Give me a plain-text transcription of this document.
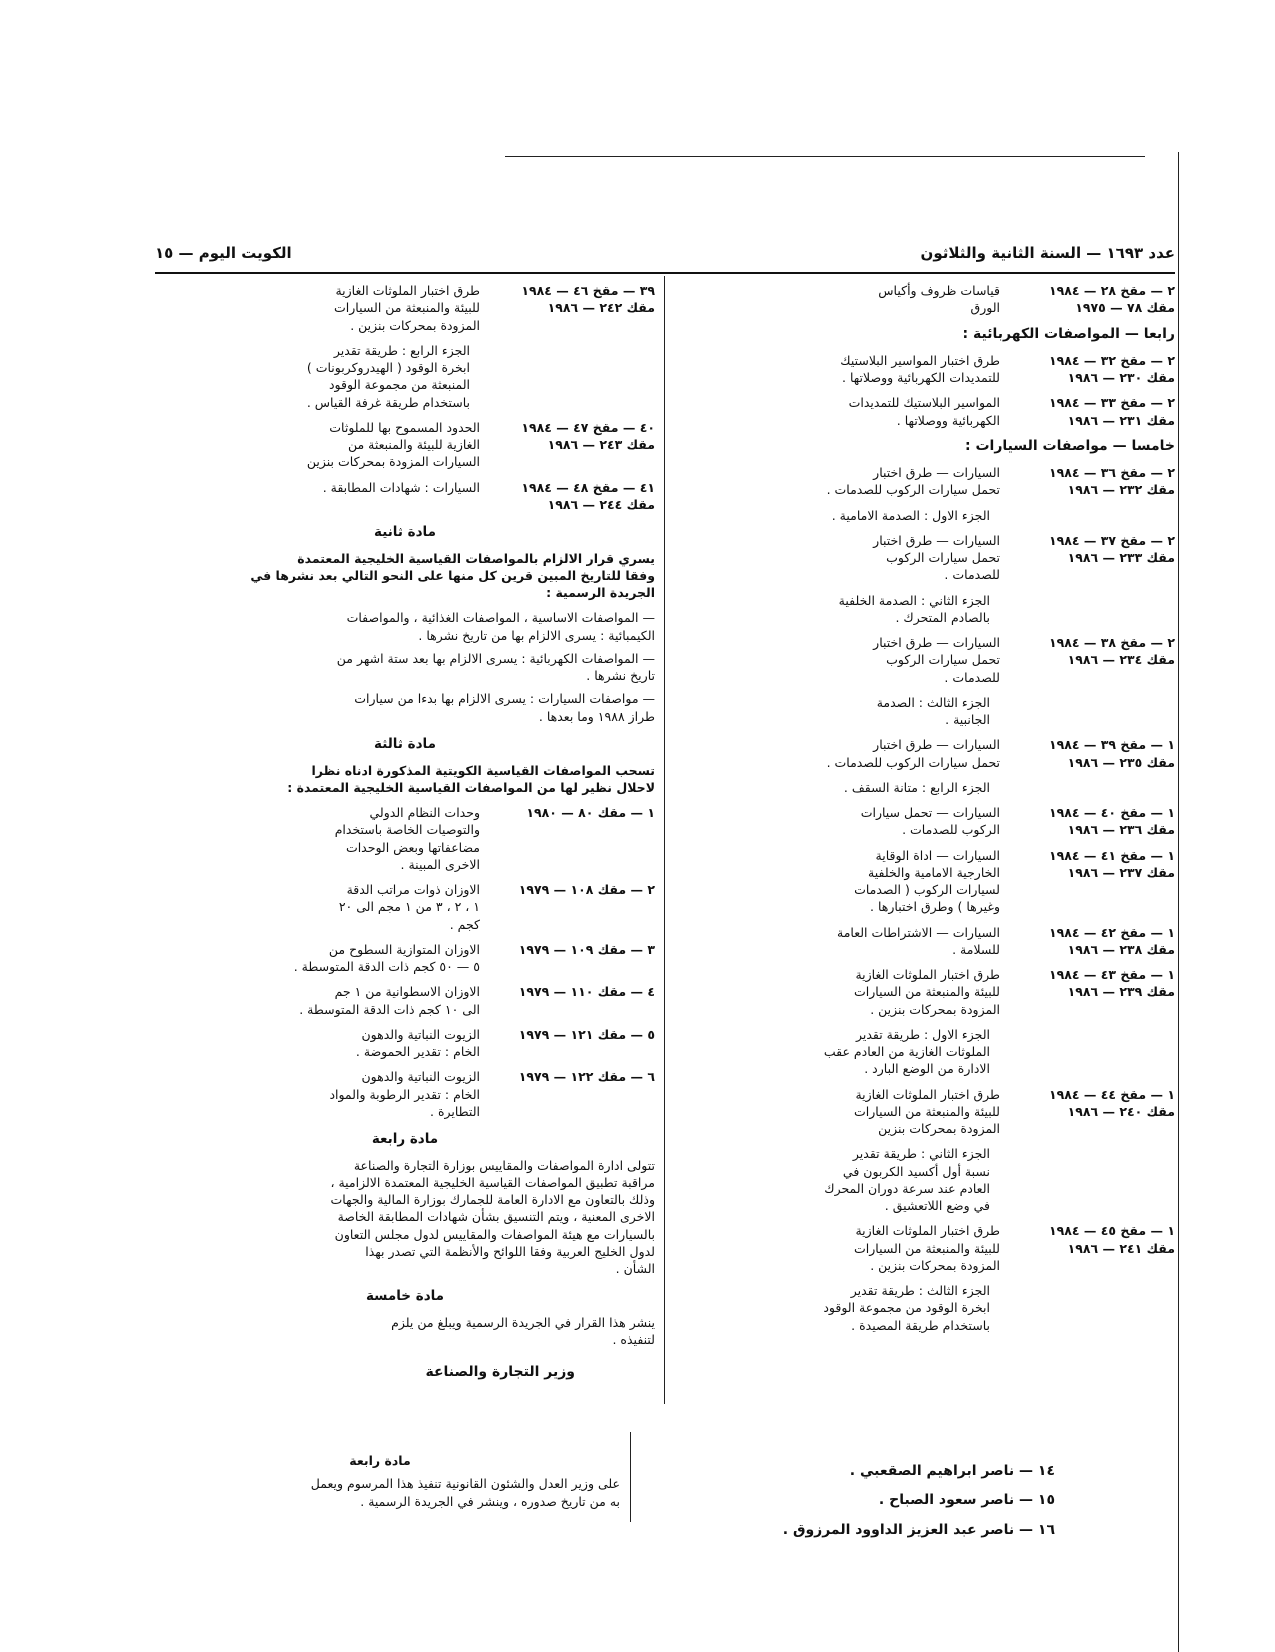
عدد ١٦٩٣ — السنة الثانية والثلاثون
الكويت اليوم — ١٥
٢ — مقخ ٢٨ — ١٩٨٤
مقك ٧٨ — ١٩٧٥
قياسات ظروف وأكياس
الورق
رابعا — المواصفات الكهربائية :
٢ — مقخ ٣٢ — ١٩٨٤
مقك ٢٣٠ — ١٩٨٦
طرق اختبار المواسير البلاستيك
للتمديدات الكهربائية ووصلاتها .
٢ — مقخ ٣٣ — ١٩٨٤
مقك ٢٣١ — ١٩٨٦
المواسير البلاستيك للتمديدات
الكهربائية ووصلاتها .
خامسا — مواصفات السيارات :
٢ — مقخ ٣٦ — ١٩٨٤
مقك ٢٣٢ — ١٩٨٦
السيارات — طرق اختبار
تحمل سيارات الركوب للصدمات .
الجزء الاول : الصدمة الامامية .
٢ — مقخ ٣٧ — ١٩٨٤
مقك ٢٣٣ — ١٩٨٦
السيارات — طرق اختبار
تحمل سيارات الركوب
للصدمات .
الجزء الثاني : الصدمة الخلفية
بالصادم المتحرك .
٢ — مقخ ٣٨ — ١٩٨٤
مقك ٢٣٤ — ١٩٨٦
السيارات — طرق اختبار
تحمل سيارات الركوب
للصدمات .
الجزء الثالث : الصدمة
الجانبية .
١ — مقخ ٣٩ — ١٩٨٤
مقك ٢٣٥ — ١٩٨٦
السيارات — طرق اختبار
تحمل سيارات الركوب للصدمات .
الجزء الرابع : متانة السقف .
١ — مقخ ٤٠ — ١٩٨٤
مقك ٢٣٦ — ١٩٨٦
السيارات — تحمل سيارات
الركوب للصدمات .
١ — مقخ ٤١ — ١٩٨٤
مقك ٢٣٧ — ١٩٨٦
السيارات — اداة الوقاية
الخارجية الامامية والخلفية
لسيارات الركوب ( الصدمات
وغيرها ) وطرق اختبارها .
١ — مقخ ٤٢ — ١٩٨٤
مقك ٢٣٨ — ١٩٨٦
السيارات — الاشتراطات العامة
للسلامة .
١ — مقخ ٤٣ — ١٩٨٤
مقك ٢٣٩ — ١٩٨٦
طرق اختبار الملوثات الغازية
للبيئة والمنبعثة من السيارات
المزودة بمحركات بنزين .
الجزء الاول : طريقة تقدير
الملوثات الغازية من العادم عقب
الادارة من الوضع البارد .
١ — مقخ ٤٤ — ١٩٨٤
مقك ٢٤٠ — ١٩٨٦
طرق اختبار الملوثات الغازية
للبيئة والمنبعثة من السيارات
المزودة بمحركات بنزين
الجزء الثاني : طريقة تقدير
نسبة أول أكسيد الكربون في
العادم عند سرعة دوران المحرك
في وضع اللاتعشيق .
١ — مقخ ٤٥ — ١٩٨٤
مقك ٢٤١ — ١٩٨٦
طرق اختبار الملوثات الغازية
للبيئة والمنبعثة من السيارات
المزودة بمحركات بنزين .
الجزء الثالث : طريقة تقدير
ابخرة الوقود من مجموعة الوقود
باستخدام طريقة المصيدة .
٣٩ — مقخ ٤٦ — ١٩٨٤
مقك ٢٤٢ — ١٩٨٦
طرق اختبار الملوثات الغازية
للبيئة والمنبعثة من السيارات
المزودة بمحركات بنزين .
الجزء الرابع : طريقة تقدير
ابخرة الوقود ( الهيدروكربونات )
المنبعثة من مجموعة الوقود
باستخدام طريقة غرفة القياس .
٤٠ — مقخ ٤٧ — ١٩٨٤
مقك ٢٤٣ — ١٩٨٦
الحدود المسموح بها للملوثات
الغازية للبيئة والمنبعثة من
السيارات المزودة بمحركات بنزين
٤١ — مقخ ٤٨ — ١٩٨٤
مقك ٢٤٤ — ١٩٨٦
السيارات : شهادات المطابقة .
مادة ثانية
يسري قرار الالزام بالمواصفات القياسية الخليجية المعتمدة
وفقا للتاريخ المبين قرين كل منها على النحو التالي بعد نشرها في
الجريدة الرسمية :
— المواصفات الاساسية ، المواصفات الغذائية ، والمواصفات
الكيمبائية : يسرى الالزام بها من تاريخ نشرها .
— المواصفات الكهربائية : يسرى الالزام بها بعد ستة اشهر من
تاريخ نشرها .
— مواصفات السيارات : يسرى الالزام بها بدءا من سيارات
طراز ١٩٨٨ وما بعدها .
مادة ثالثة
تسحب المواصفات القياسية الكويتية المذكورة ادناه نظرا
لاحلال نظير لها من المواصفات القياسية الخليجية المعتمدة :
١ — مقك ٨٠ — ١٩٨٠
وحدات النظام الدولي
والتوصيات الخاصة باستخدام
مضاعفاتها وبعض الوحدات
الاخرى المبينة .
٢ — مقك ١٠٨ — ١٩٧٩
الاوزان ذوات مراتب الدقة
١ ، ٢ ، ٣ من ١ مجم الى ٢٠
كجم .
٣ — مقك ١٠٩ — ١٩٧٩
الاوزان المتوازية السطوح من
٥ — ٥٠ كجم ذات الدقة المتوسطة .
٤ — مقك ١١٠ — ١٩٧٩
الاوزان الاسطوانية من ١ جم
الى ١٠ كجم ذات الدقة المتوسطة .
٥ — مقك ١٢١ — ١٩٧٩
الزيوت النباتية والدهون
الخام : تقدير الحموضة .
٦ — مقك ١٢٢ — ١٩٧٩
الزيوت النباتية والدهون
الخام : تقدير الرطوبة والمواد
التطايرة .
مادة رابعة
تتولى ادارة المواصفات والمقاييس بوزارة التجارة والصناعة
مراقبة تطبيق المواصفات القياسية الخليجية المعتمدة الالزامية ،
وذلك بالتعاون مع الادارة العامة للجمارك بوزارة المالية والجهات
الاخرى المعنية ، ويتم التنسيق بشأن شهادات المطابقة الخاصة
بالسيارات مع هيئة المواصفات والمقاييس لدول مجلس التعاون
لدول الخليج العربية وفقا اللوائح والأنظمة التي تصدر بهذا
الشأن .
مادة خامسة
ينشر هذا القرار في الجريدة الرسمية ويبلغ من يلزم
لتنفيذه .
وزير التجارة والصناعة
١٤ — ناصر ابراهيم الصقعبي .
١٥ — ناصر سعود الصباح .
١٦ — ناصر عبد العزيز الداوود المرزوق .
مادة رابعة
على وزير العدل والشئون القانونية تنفيذ هذا المرسوم ويعمل
به من تاريخ صدوره ، وينشر في الجريدة الرسمية .
